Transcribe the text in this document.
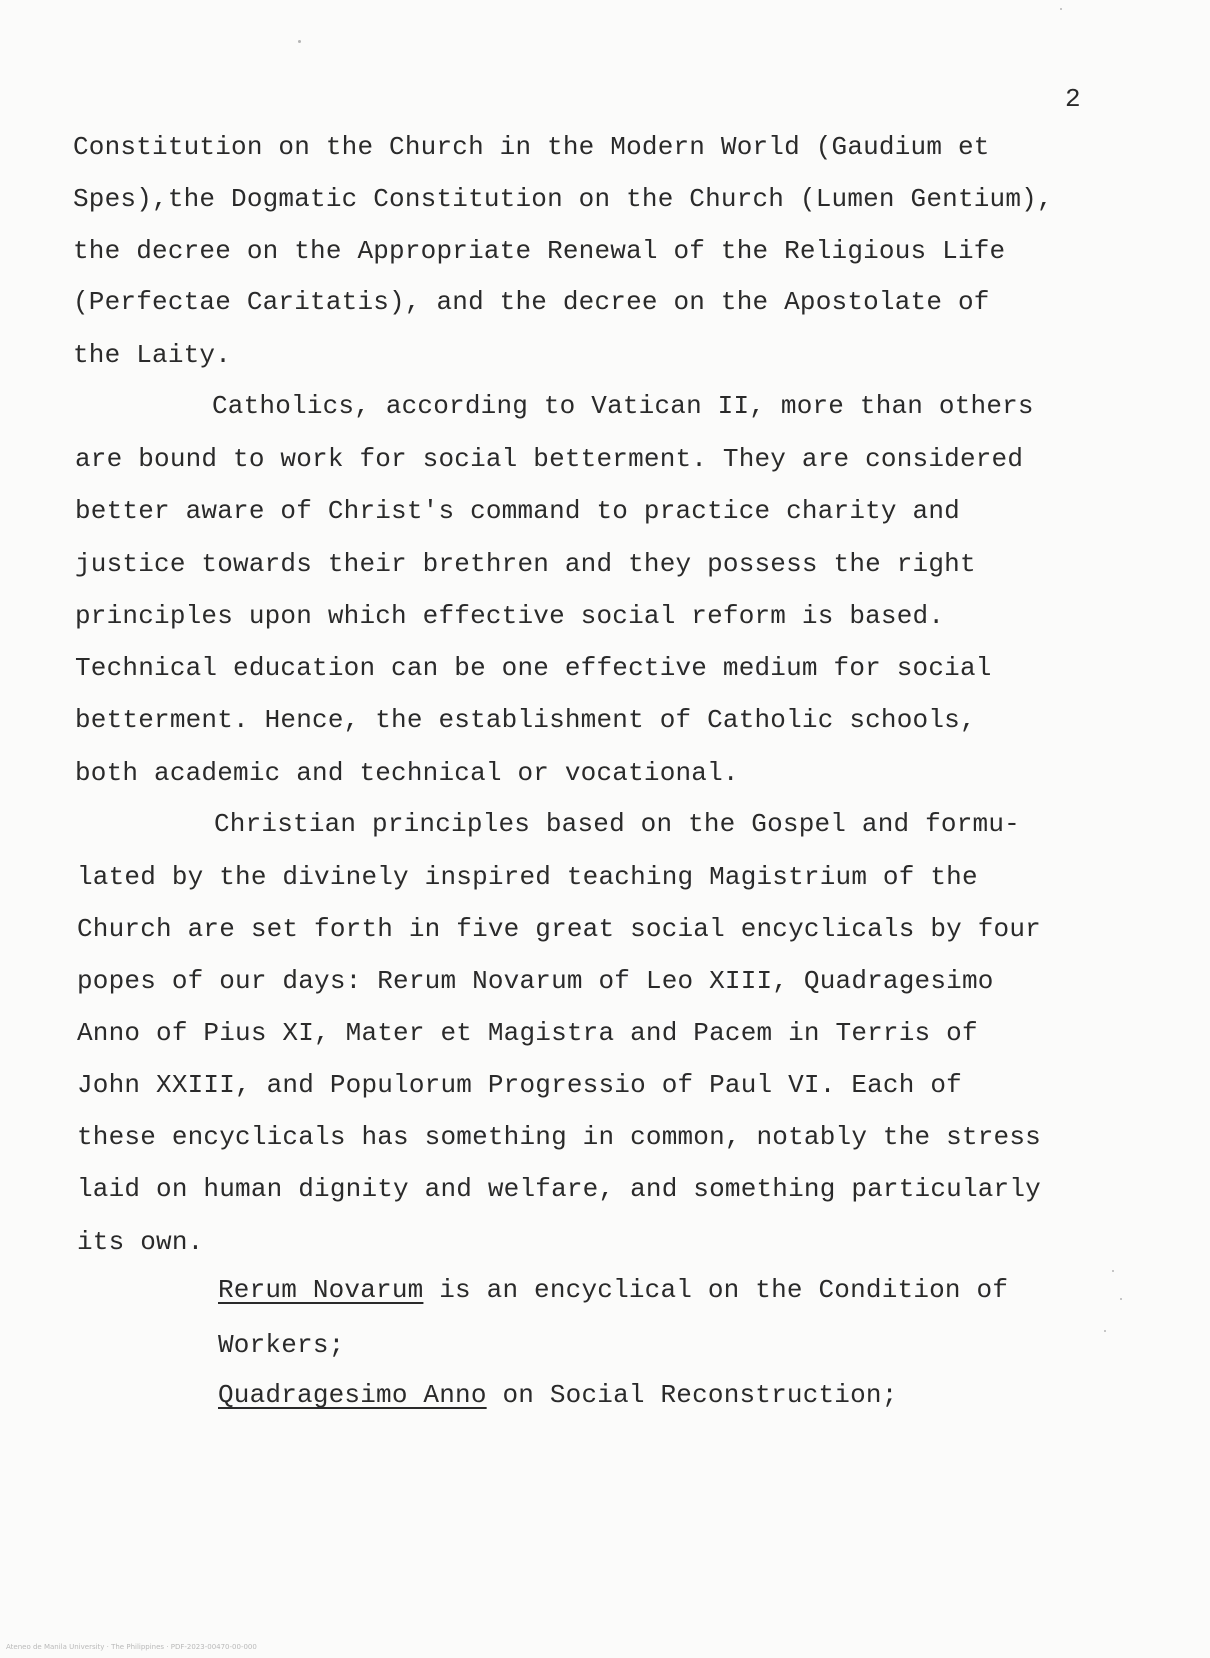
2
Constitution on the Church in the Modern World (Gaudium et
Spes),the Dogmatic Constitution on the Church (Lumen Gentium),
the decree on the Appropriate Renewal of the Religious Life
(Perfectae Caritatis), and the decree on the Apostolate of
the Laity.
Catholics, according to Vatican II, more than others
are bound to work for social betterment. They are considered
better aware of Christ's command to practice charity and
justice towards their brethren and they possess the right
principles upon which effective social reform is based.
Technical education can be one effective medium for social
betterment. Hence, the establishment of Catholic schools,
both academic and technical or vocational.
Christian principles based on the Gospel and formu-
lated by the divinely inspired teaching Magistrium of the
Church are set forth in five great social encyclicals by four
popes of our days: Rerum Novarum of Leo XIII, Quadragesimo
Anno of Pius XI, Mater et Magistra and Pacem in Terris of
John XXIII, and Populorum Progressio of Paul VI. Each of
these encyclicals has something in common, notably the stress
laid on human dignity and welfare, and something particularly
its own.
Rerum Novarum is an encyclical on the Condition of
Workers;
Quadragesimo Anno on Social Reconstruction;
Ateneo de Manila University · The Philippines · PDF-2023-00470-00-000
